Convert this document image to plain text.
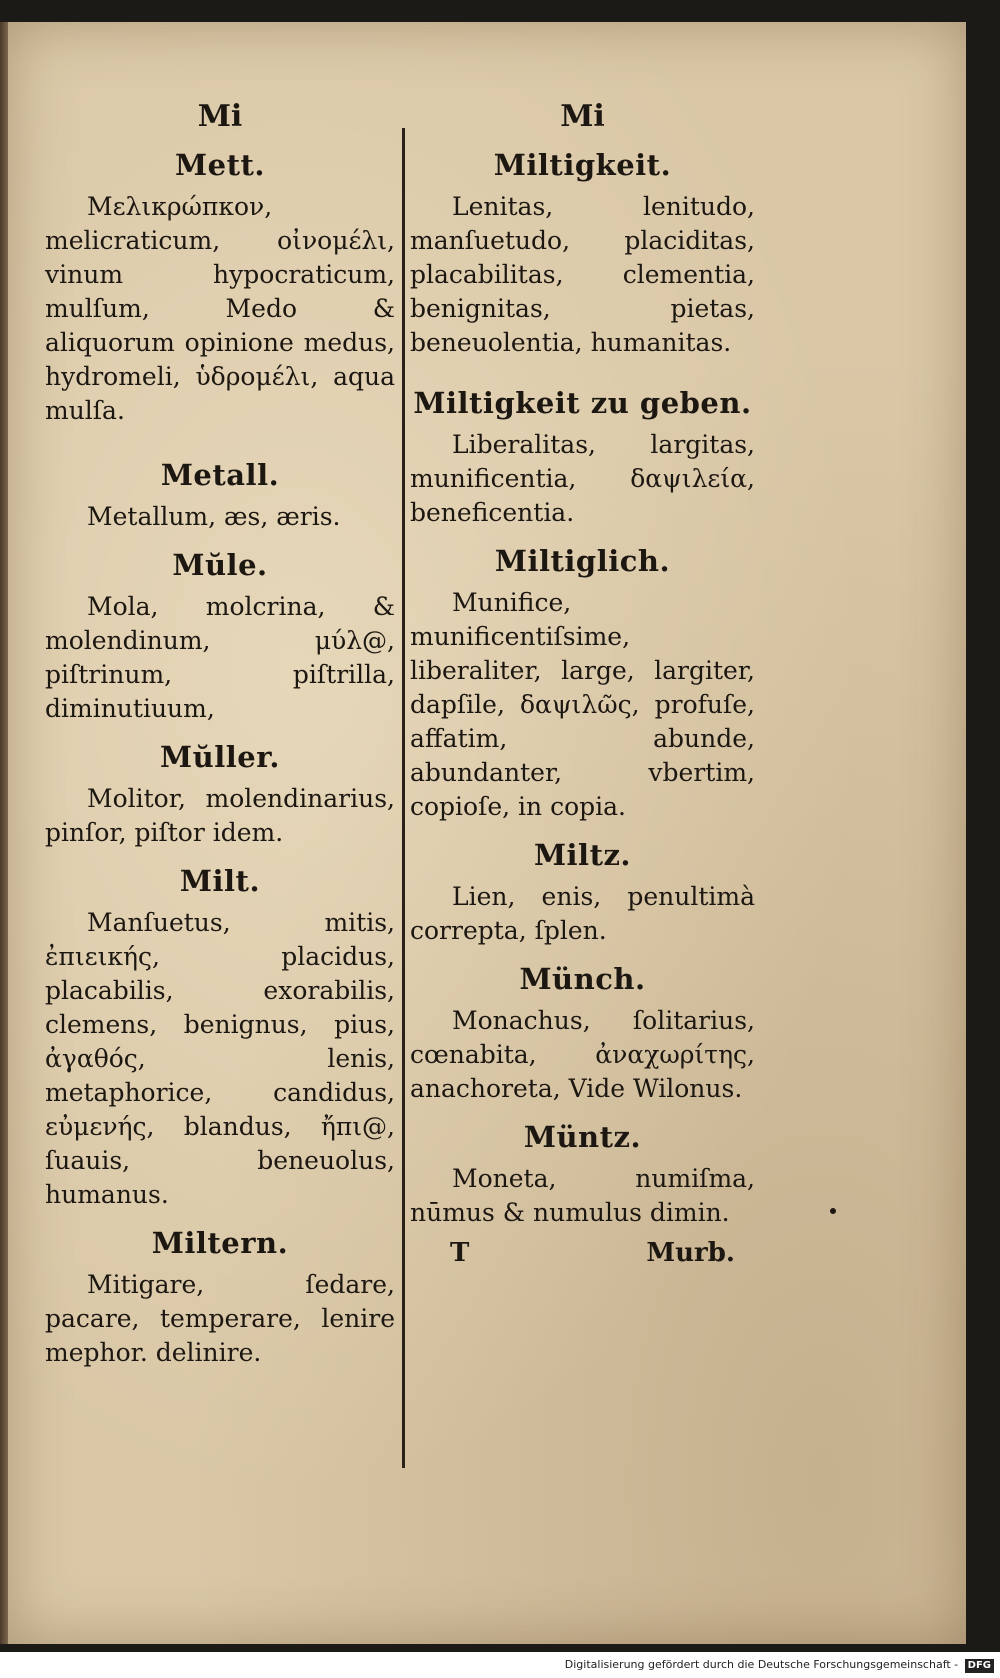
Mi
Mett.

Μελικρώπκον, melicraticum, οἰνομέλι, vinum hypocraticum, mulſum, Medo & aliquorum opinione medus, hydromeli, ὑδρομέλι, aqua mulſa.

Metall.

Metallum, æs, æris.

Mŭle.

Mola, molcrina, & molendinum, μύλ@, piſtrinum, piſtrilla, diminutiuum,

Mŭller.

Molitor, molendinarius, pinſor, piſtor idem.

Milt.

Manſuetus, mitis, ἐπιεικής, placidus, placabilis, exorabilis, clemens, benignus, pius, ἀγαθός, lenis, metaphorice, candidus, εὐμενής, blandus, ἤπι@, ſuauis, beneuolus, humanus.

Miltern.

Mitigare, ſedare, pacare, temperare, lenire mephor. delinire.

Mi
Miltigkeit.

Lenitas, lenitudo, manſuetudo, placiditas, placabilitas, clementia, benignitas, pietas, beneuolentia, humanitas.

Miltigkeit zu geben.

Liberalitas, largitas, munificentia, δαψιλεία, beneficentia.

Miltiglich.

Munifice, munificentiſsime, liberaliter, large, largiter, dapſile, δαψιλῶς, profuſe, affatim, abunde, abundanter, vbertim, copioſe, in copia.

Miltz.

Lien, enis, penultimà correpta, ſplen.

Münch.

Monachus, ſolitarius, cœnabita, ἀναχωρίτης, anachoreta, Vide Wilonus.

Müntz.

Moneta, numiſma, nūmus & numulus dimin.

T	Murb.
Digitalisierung gefördert durch die Deutsche Forschungsgemeinschaft - DFG
